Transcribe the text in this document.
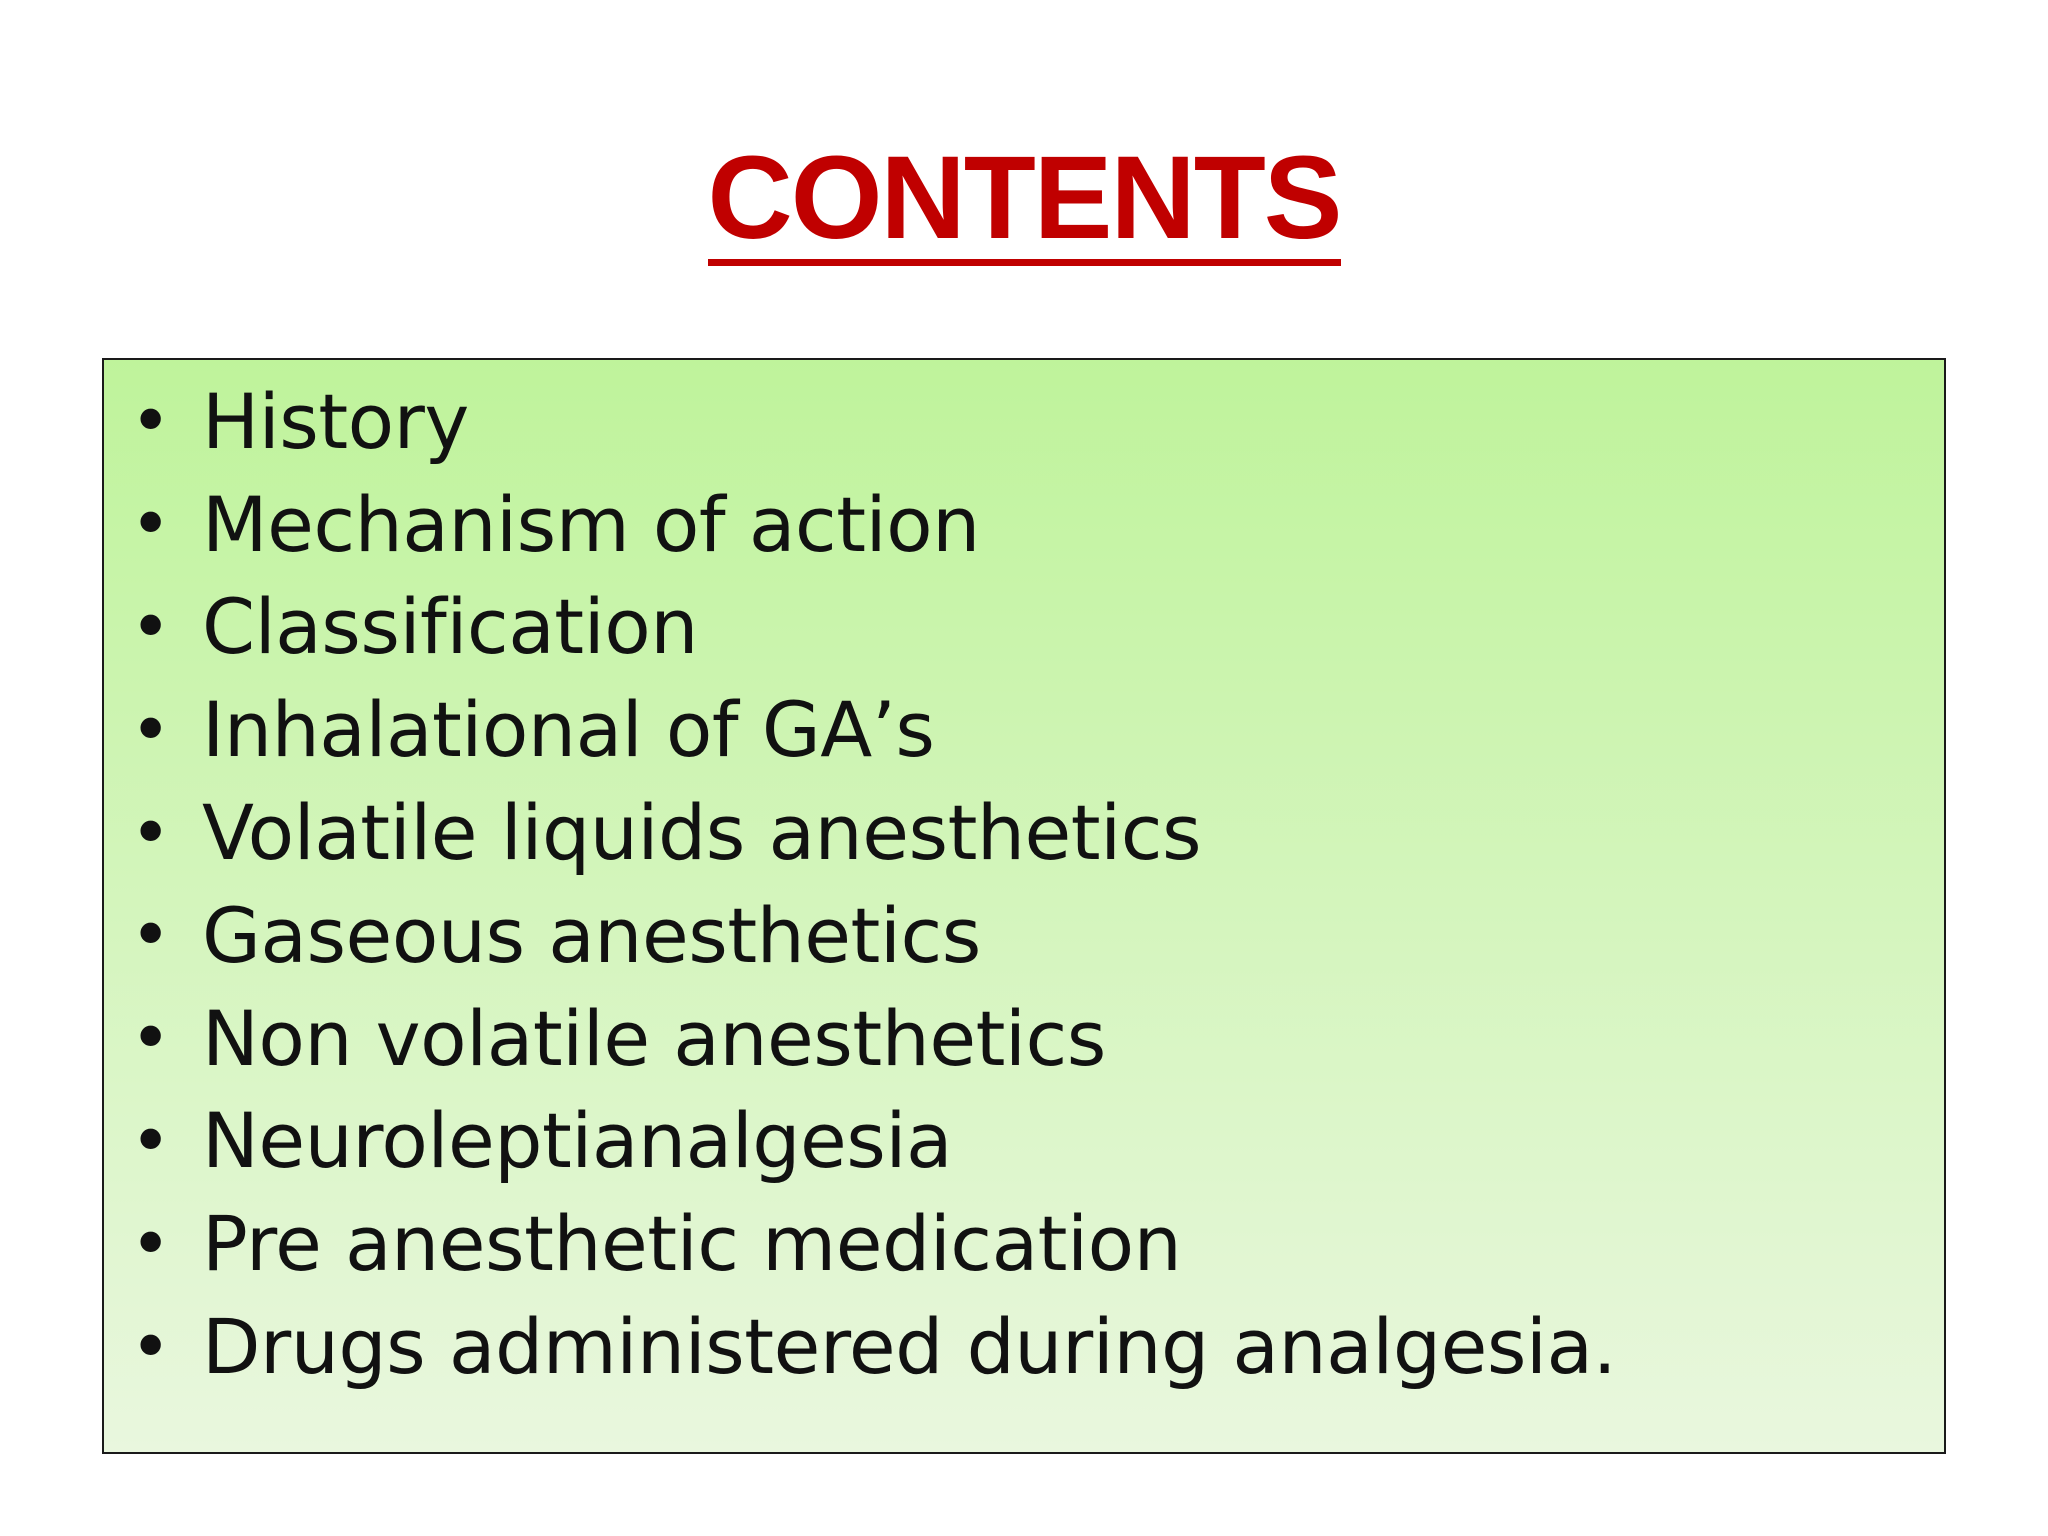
CONTENTS
• History
• Mechanism of action
• Classification
• Inhalational of GA’s
• Volatile liquids anesthetics
• Gaseous anesthetics
• Non volatile anesthetics
• Neuroleptianalgesia
• Pre anesthetic medication
• Drugs administered during analgesia.
